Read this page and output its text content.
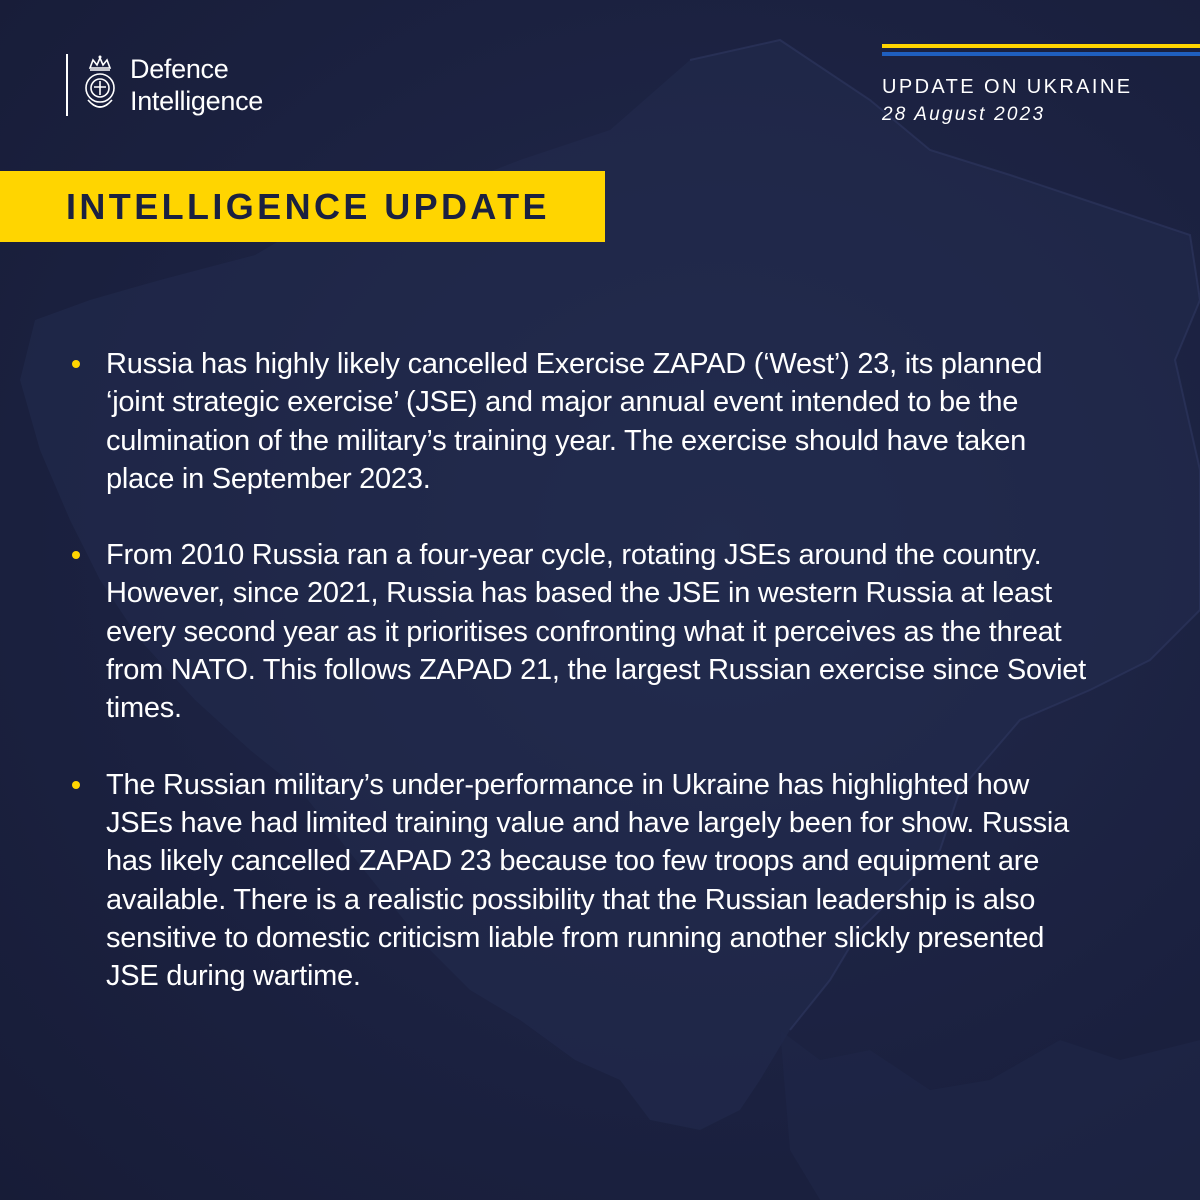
Defence
Intelligence	UPDATE ON UKRAINE
28 August 2023
INTELLIGENCE UPDATE
Russia has highly likely cancelled Exercise ZAPAD (‘West’) 23, its planned ‘joint strategic exercise’ (JSE) and major annual event intended to be the culmination of the military’s training year. The exercise should have taken place in September 2023.
From 2010 Russia ran a four-year cycle, rotating JSEs around the country. However, since 2021, Russia has based the JSE in western Russia at least every second year as it prioritises confronting what it perceives as the threat from NATO. This follows ZAPAD 21, the largest Russian exercise since Soviet times.
The Russian military’s under-performance in Ukraine has highlighted how JSEs have had limited training value and have largely been for show. Russia has likely cancelled ZAPAD 23 because too few troops and equipment are available. There is a realistic possibility that the Russian leadership is also sensitive to domestic criticism liable from running another slickly presented JSE during wartime.
